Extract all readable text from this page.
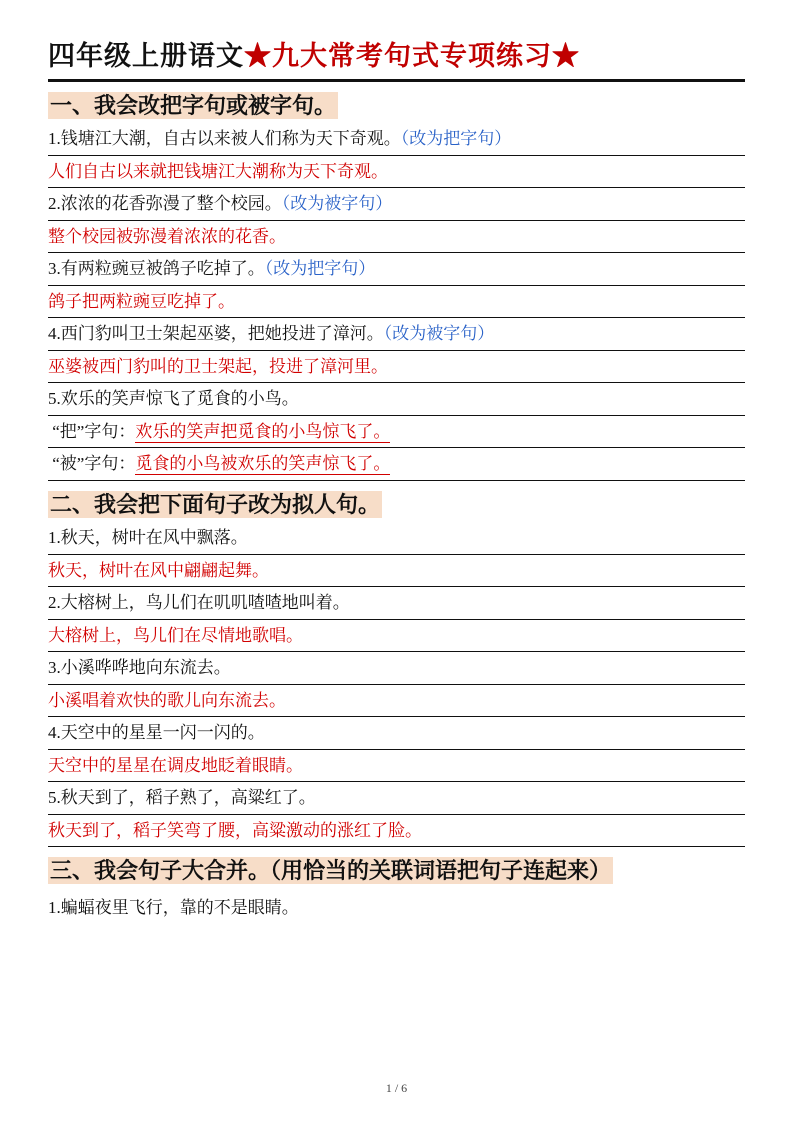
四年级上册语文★九大常考句式专项练习★
一、我会改把字句或被字句。
1.钱塘江大潮，自古以来被人们称为天下奇观。（改为把字句）
人们自古以来就把钱塘江大潮称为天下奇观。
2.浓浓的花香弥漫了整个校园。（改为被字句）
整个校园被弥漫着浓浓的花香。
3.有两粒豌豆被鸽子吃掉了。（改为把字句）
鸽子把两粒豌豆吃掉了。
4.西门豹叫卫士架起巫婆，把她投进了漳河。（改为被字句）
巫婆被西门豹叫的卫士架起，投进了漳河里。
5.欢乐的笑声惊飞了觅食的小鸟。
“把”字句：欢乐的笑声把觅食的小鸟惊飞了。
“被”字句：觅食的小鸟被欢乐的笑声惊飞了。
二、我会把下面句子改为拟人句。
1.秋天，树叶在风中飘落。
秋天，树叶在风中翩翩起舞。
2.大榕树上，鸟儿们在叽叽喳喳地叫着。
大榕树上，鸟儿们在尽情地歌唱。
3.小溪哗哗地向东流去。
小溪唱着欢快的歌儿向东流去。
4.天空中的星星一闪一闪的。
天空中的星星在调皮地眨着眼睛。
5.秋天到了，稻子熟了，高粱红了。
秋天到了，稻子笑弯了腰，高粱激动的涨红了脸。
三、我会句子大合并。（用恰当的关联词语把句子连起来）
1.蝙蝠夜里飞行，靠的不是眼睛。
1 / 6
